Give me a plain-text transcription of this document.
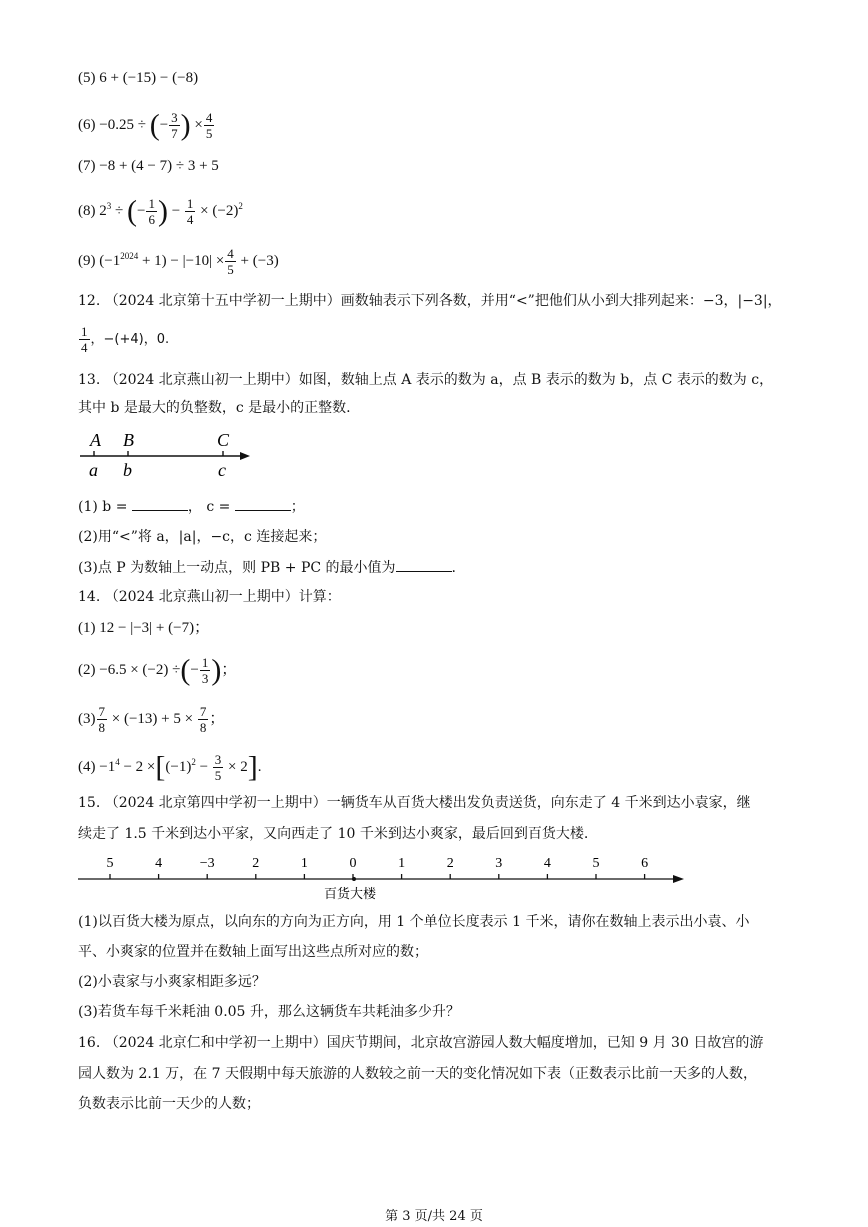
(5) 6 + (−15) − (−8)
(6) −0.25 ÷ (− $\frac{3}{7}$ ) × $\frac{4}{5}$
(7) −8 + (4 − 7) ÷ 3 + 5
(8) $2^3$ ÷ (− $\frac{1}{6}$ ) − $\frac{1}{4} \times (-2)^2$
(9) $(-1^{2024} + 1) - |-10| \times \frac{4}{5} + (-3)$
12. （2024 北京第十五中学初一上期中）画数轴表示下列各数，并用“<”把他们从小到大排列起来：−3，|−3|，
$\frac{1}{4}$ ，−(+4)，0.
13. （2024 北京燕山初一上期中）如图，数轴上点 A 表示的数为 a，点 B 表示的数为 b，点 C 表示的数为 c，
其中 b 是最大的负整数，c 是最小的正整数.
A B	C
a b	c
(1) b =	， c =	；
(2)用“<”将 a，|a|，−c，c 连接起来；
(3)点 P 为数轴上一动点，则 PB + PC 的最小值为	.
14. （2024 北京燕山初一上期中）计算：
(1) 12 − |−3| + (−7)；
(2) −6.5 × (−2) ÷(− $\frac{1}{3}$ )；
$(3) \frac{7}{8} \times (-13) + 5 \times \frac{7}{8}$ ；
$(4) -1^4 - 2 \times[(-1)^2 - \frac{3}{5} \times 2]$.
15. （2024 北京第四中学初一上期中）一辆货车从百货大楼出发负责送货，向东走了 4 千米到达小袁家，继
续走了 1.5 千米到达小平家，又向西走了 10 千米到达小爽家，最后回到百货大楼.
5	4	−3	2	1	0	1	2	3	4	5	6
百货大楼
(1)以百货大楼为原点，以向东的方向为正方向，用 1 个单位长度表示 1 千米，请你在数轴上表示出小袁、小
平、小爽家的位置并在数轴上面写出这些点所对应的数；
(2)小袁家与小爽家相距多远？
(3)若货车每千米耗油 0.05 升，那么这辆货车共耗油多少升？
16. （2024 北京仁和中学初一上期中）国庆节期间，北京故宫游园人数大幅度增加，已知 9 月 30 日故宫的游
园人数为 2.1 万，在 7 天假期中每天旅游的人数较之前一天的变化情况如下表（正数表示比前一天多的人数，
负数表示比前一天少的人数；
第 3 页/共 24 页
